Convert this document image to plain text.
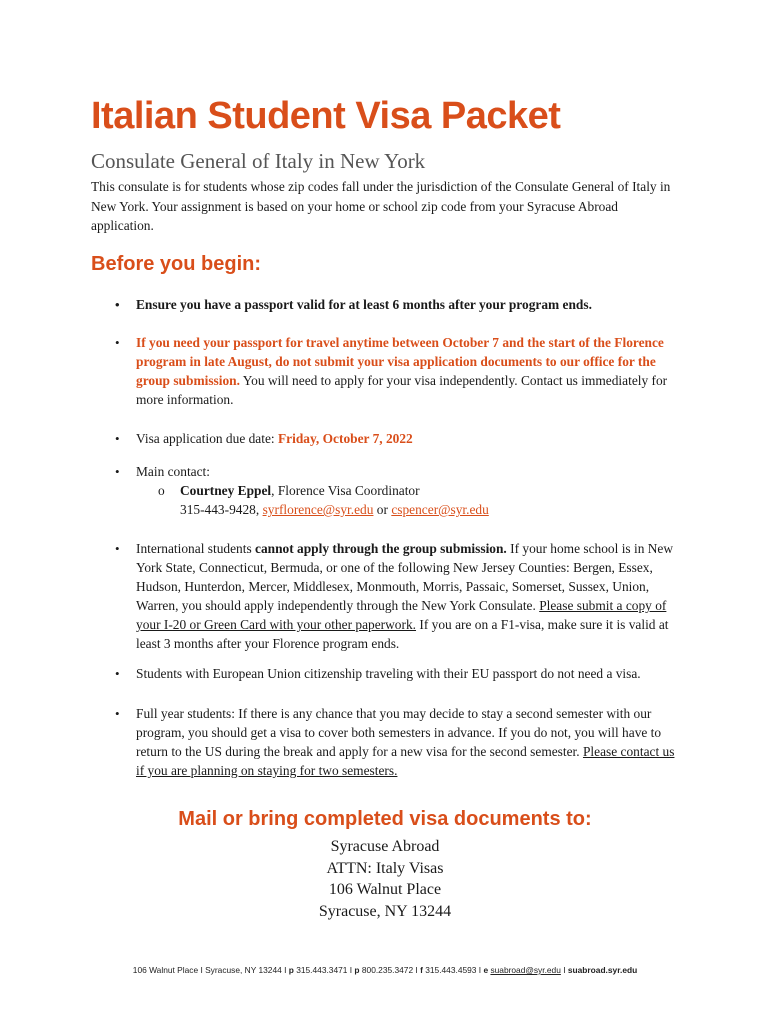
Italian Student Visa Packet

Consulate General of Italy in New York

This consulate is for students whose zip codes fall under the jurisdiction of the Consulate General of Italy in New York. Your assignment is based on your home or school zip code from your Syracuse Abroad application.

Before you begin:
• Ensure you have a passport valid for at least 6 months after your program ends.
• If you need your passport for travel anytime between October 7 and the start of the Florence program in late August, do not submit your visa application documents to our office for the group submission. You will need to apply for your visa independently. Contact us immediately for more information.
• Visa application due date: Friday, October 7, 2022
• Main contact:
o Courtney Eppel, Florence Visa Coordinator
315-443-9428, syrflorence@syr.edu or cspencer@syr.edu
• International students cannot apply through the group submission. If your home school is in New York State, Connecticut, Bermuda, or one of the following New Jersey Counties: Bergen, Essex, Hudson, Hunterdon, Mercer, Middlesex, Monmouth, Morris, Passaic, Somerset, Sussex, Union, Warren, you should apply independently through the New York Consulate. Please submit a copy of your I-20 or Green Card with your other paperwork. If you are on a F1-visa, make sure it is valid at least 3 months after your Florence program ends.
• Students with European Union citizenship traveling with their EU passport do not need a visa.
• Full year students: If there is any chance that you may decide to stay a second semester with our program, you should get a visa to cover both semesters in advance. If you do not, you will have to return to the US during the break and apply for a new visa for the second semester. Please contact us if you are planning on staying for two semesters.
Mail or bring completed visa documents to:
Syracuse Abroad
ATTN: Italy Visas
106 Walnut Place
Syracuse, NY 13244
106 Walnut Place I Syracuse, NY 13244 I p 315.443.3471 I p 800.235.3472 I f 315.443.4593 I e suabroad@syr.edu I suabroad.syr.edu
